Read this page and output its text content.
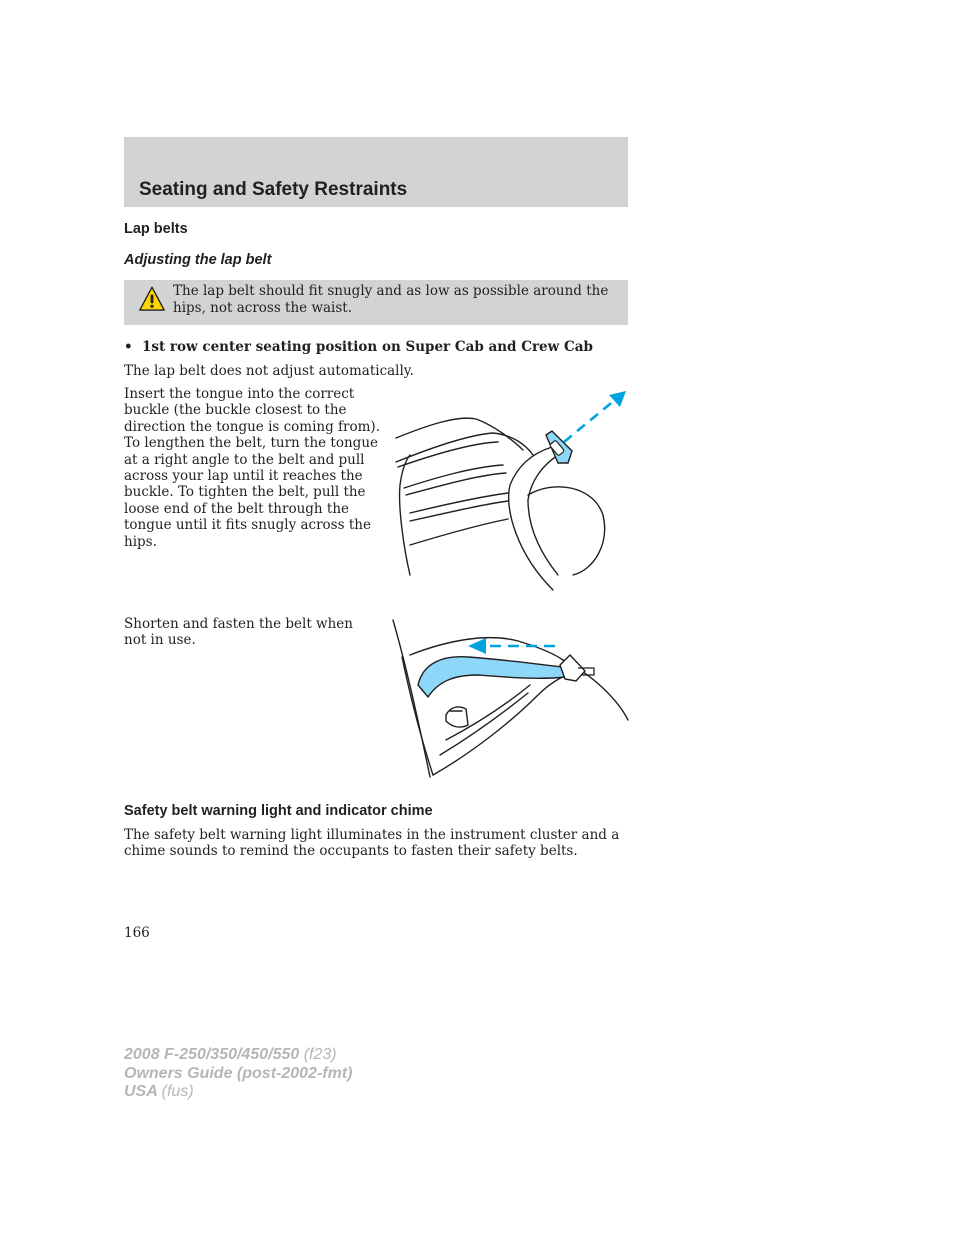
Seating and Safety Restraints
Lap belts
Adjusting the lap belt

The lap belt should fit snugly and as low as possible around the hips, not across the waist.

• 1st row center seating position on Super Cab and Crew Cab

The lap belt does not adjust automatically.

Insert the tongue into the correct buckle (the buckle closest to the direction the tongue is coming from). To lengthen the belt, turn the tongue at a right angle to the belt and pull across your lap until it reaches the buckle. To tighten the belt, pull the loose end of the belt through the tongue until it fits snugly across the hips.

Shorten and fasten the belt when not in use.

Safety belt warning light and indicator chime

The safety belt warning light illuminates in the instrument cluster and a chime sounds to remind the occupants to fasten their safety belts.

166

2008 F-250/350/450/550 (f23)
Owners Guide (post-2002-fmt)
USA (fus)
